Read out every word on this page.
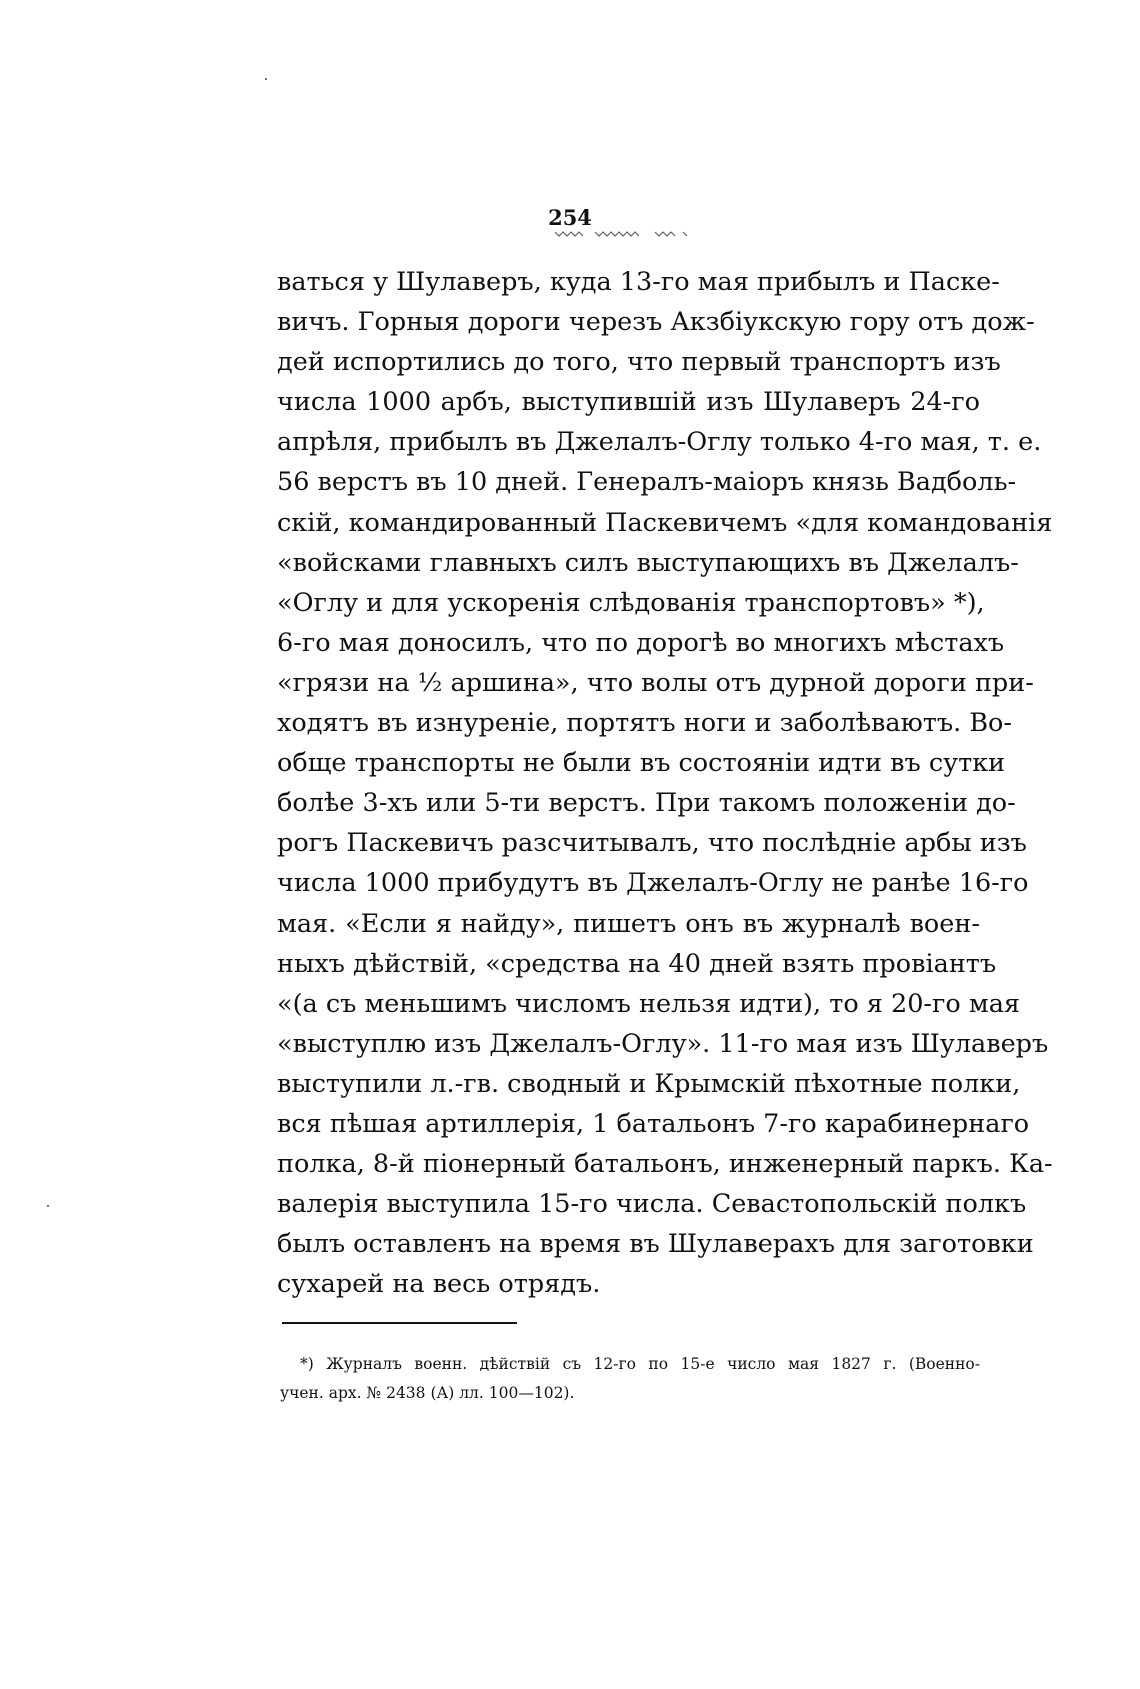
254
ваться у Шулаверъ, куда 13-го мая прибылъ и Паске-
вичъ. Горныя дороги черезъ Акзбіукскую гору отъ дож-
дей испортились до того, что первый транспортъ изъ
числа 1000 арбъ, выступившій изъ Шулаверъ 24-го
апрѣля, прибылъ въ Джелалъ-Оглу только 4-го мая, т. е.
56 верстъ въ 10 дней. Генералъ-маіоръ князь Вадболь-
скій, командированный Паскевичемъ «для командованія
«войсками главныхъ силъ выступающихъ въ Джелалъ-
«Оглу и для ускоренія слѣдованія транспортовъ» *),
6-го мая доносилъ, что по дорогѣ во многихъ мѣстахъ
«грязи на ½ аршина», что волы отъ дурной дороги при-
ходятъ въ изнуреніе, портятъ ноги и заболѣваютъ. Во-
обще транспорты не были въ состояніи идти въ сутки
болѣе 3-хъ или 5-ти верстъ. При такомъ положеніи до-
рогъ Паскевичъ разсчитывалъ, что послѣдніе арбы изъ
числа 1000 прибудутъ въ Джелалъ-Оглу не ранѣе 16-го
мая. «Если я найду», пишетъ онъ въ журналѣ воен-
ныхъ дѣйствій, «средства на 40 дней взять провіантъ
«(а съ меньшимъ числомъ нельзя идти), то я 20-го мая
«выступлю изъ Джелалъ-Оглу». 11-го мая изъ Шулаверъ
выступили л.-гв. сводный и Крымскій пѣхотные полки,
вся пѣшая артиллерія, 1 батальонъ 7-го карабинернаго
полка, 8-й піонерный батальонъ, инженерный паркъ. Ка-
валерія выступила 15-го числа. Севастопольскій полкъ
былъ оставленъ на время въ Шулаверахъ для заготовки
сухарей на весь отрядъ.
*) Журналъ военн. дѣйствій съ 12-го по 15-е число мая 1827 г. (Военно-
учен. арх. № 2438 (А) лл. 100—102).
